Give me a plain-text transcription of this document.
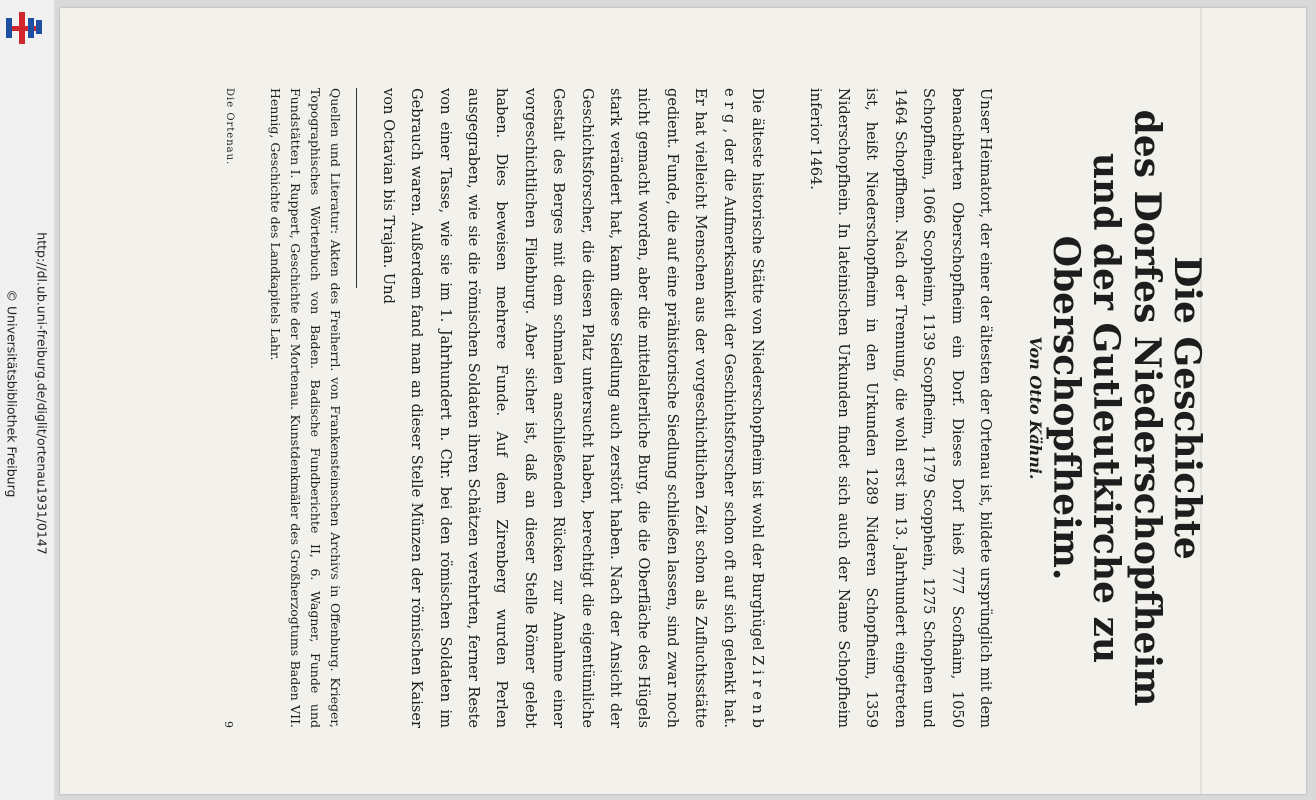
http://dl.ub.uni-freiburg.de/diglit/ortenau1931/0147
© Universitätsbibliothek Freiburg	Die Geschichte
des Dorfes Niederschopfheim
und der Gutleutkirche zu Oberschopfheim.
Von Otto Kähni.

Unser Heimatort, der einer der ältesten der Ortenau ist, bildete ursprünglich mit dem benachbarten Oberschopfheim ein Dorf. Dieses Dorf hieß 777 Scofhaim, 1050 Schopfheim, 1066 Scopheim, 1139 Scopfheim, 1179 Scopphein, 1275 Schophen und 1464 Schopffhem. Nach der Trennung, die wohl erst im 13. Jahrhundert eingetreten ist, heißt Niederschopfheim in den Urkunden 1289 Nideren Schopfheim, 1359 Niderschopfhein. In lateinischen Urkunden findet sich auch der Name Schopfheim inferior 1464.

Die älteste historische Stätte von Niederschopfheim ist wohl der Burghügel Z i r e n b e r g , der die Aufmerksamkeit der Geschichtsforscher schon oft auf sich gelenkt hat. Er hat vielleicht Menschen aus der vorgeschichtlichen Zeit schon als Zufluchtsstätte gedient. Funde, die auf eine prähistorische Siedlung schließen lassen, sind zwar noch nicht gemacht worden, aber die mittelalterliche Burg, die die Oberfläche des Hügels stark verändert hat, kann diese Siedlung auch zerstört haben. Nach der Ansicht der Geschichtsforscher, die diesen Platz untersucht haben, berechtigt die eigentümliche Gestalt des Berges mit dem schmalen anschließenden Rücken zur Annahme einer vorgeschichtlichen Fliehburg. Aber sicher ist, daß an dieser Stelle Römer gelebt haben. Dies beweisen mehrere Funde. Auf dem Zirenberg wurden Perlen ausgegraben, wie sie die römischen Soldaten ihren Schätzen verehrten, ferner Reste von einer Tasse, wie sie im 1. Jahrhundert n. Chr. bei den römischen Soldaten im Gebrauch waren. Außerdem fand man an dieser Stelle Münzen der römischen Kaiser von Octavian bis Trajan. Und

Quellen und Literatur: Akten des Freiherrl. von Frankensteinschen Archivs in Offenburg. Krieger, Topographisches Wörterbuch von Baden. Badische Fundberichte II, 6. Wagner, Funde und Fundstätten I. Ruppert, Geschichte der Mortenau. Kunstdenkmäler des Großherzogtums Baden VII. Hennig, Geschichte des Landkapitels Lahr.

Die Ortenau.
9
